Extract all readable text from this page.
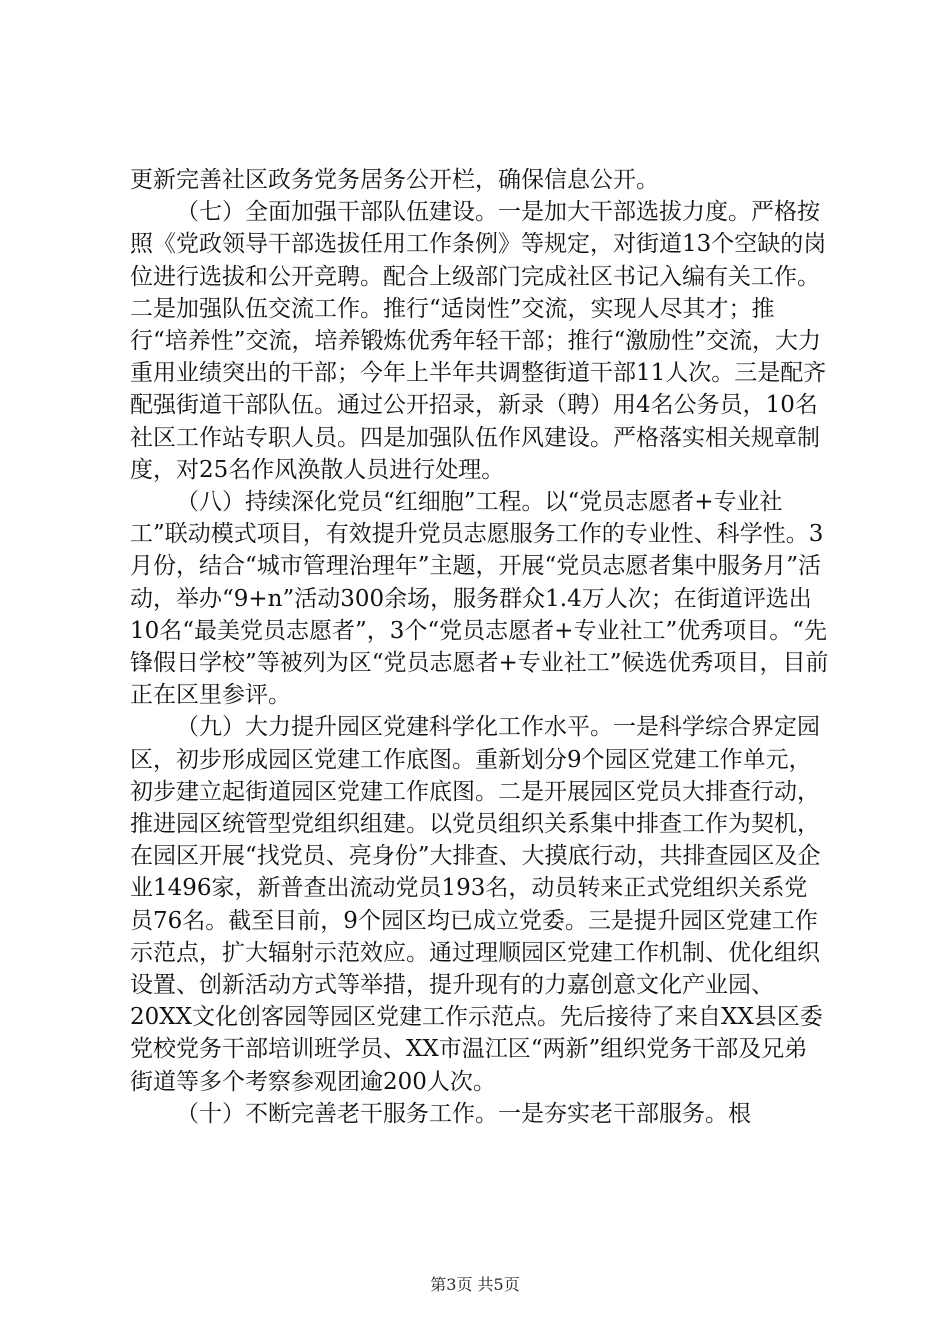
更新完善社区政务党务居务公开栏，确保信息公开。

（七）全面加强干部队伍建设。一是加大干部选拔力度。严格按照《党政领导干部选拔任用工作条例》等规定，对街道13个空缺的岗位进行选拔和公开竞聘。配合上级部门完成社区书记入编有关工作。二是加强队伍交流工作。推行“适岗性”交流，实现人尽其才；推行“培养性”交流，培养锻炼优秀年轻干部；推行“激励性”交流，大力重用业绩突出的干部；今年上半年共调整街道干部11人次。三是配齐配强街道干部队伍。通过公开招录，新录（聘）用4名公务员，10名社区工作站专职人员。四是加强队伍作风建设。严格落实相关规章制度，对25名作风涣散人员进行处理。

（八）持续深化党员“红细胞”工程。以“党员志愿者+专业社工”联动模式项目，有效提升党员志愿服务工作的专业性、科学性。3月份，结合“城市管理治理年”主题，开展“党员志愿者集中服务月”活动，举办“9+n”活动300余场，服务群众1.4万人次；在街道评选出10名“最美党员志愿者”，3个“党员志愿者+专业社工”优秀项目。“先锋假日学校”等被列为区“党员志愿者+专业社工”候选优秀项目，目前正在区里参评。

（九）大力提升园区党建科学化工作水平。一是科学综合界定园区，初步形成园区党建工作底图。重新划分9个园区党建工作单元，初步建立起街道园区党建工作底图。二是开展园区党员大排查行动，推进园区统管型党组织组建。以党员组织关系集中排查工作为契机，在园区开展“找党员、亮身份”大排查、大摸底行动，共排查园区及企业1496家，新普查出流动党员193名，动员转来正式党组织关系党员76名。截至目前，9个园区均已成立党委。三是提升园区党建工作示范点，扩大辐射示范效应。通过理顺园区党建工作机制、优化组织设置、创新活动方式等举措，提升现有的力嘉创意文化产业园、20XX文化创客园等园区党建工作示范点。先后接待了来自XX县区委党校党务干部培训班学员、XX市温江区“两新”组织党务干部及兄弟街道等多个考察参观团逾200人次。

（十）不断完善老干服务工作。一是夯实老干部服务。根

第3页 共5页
